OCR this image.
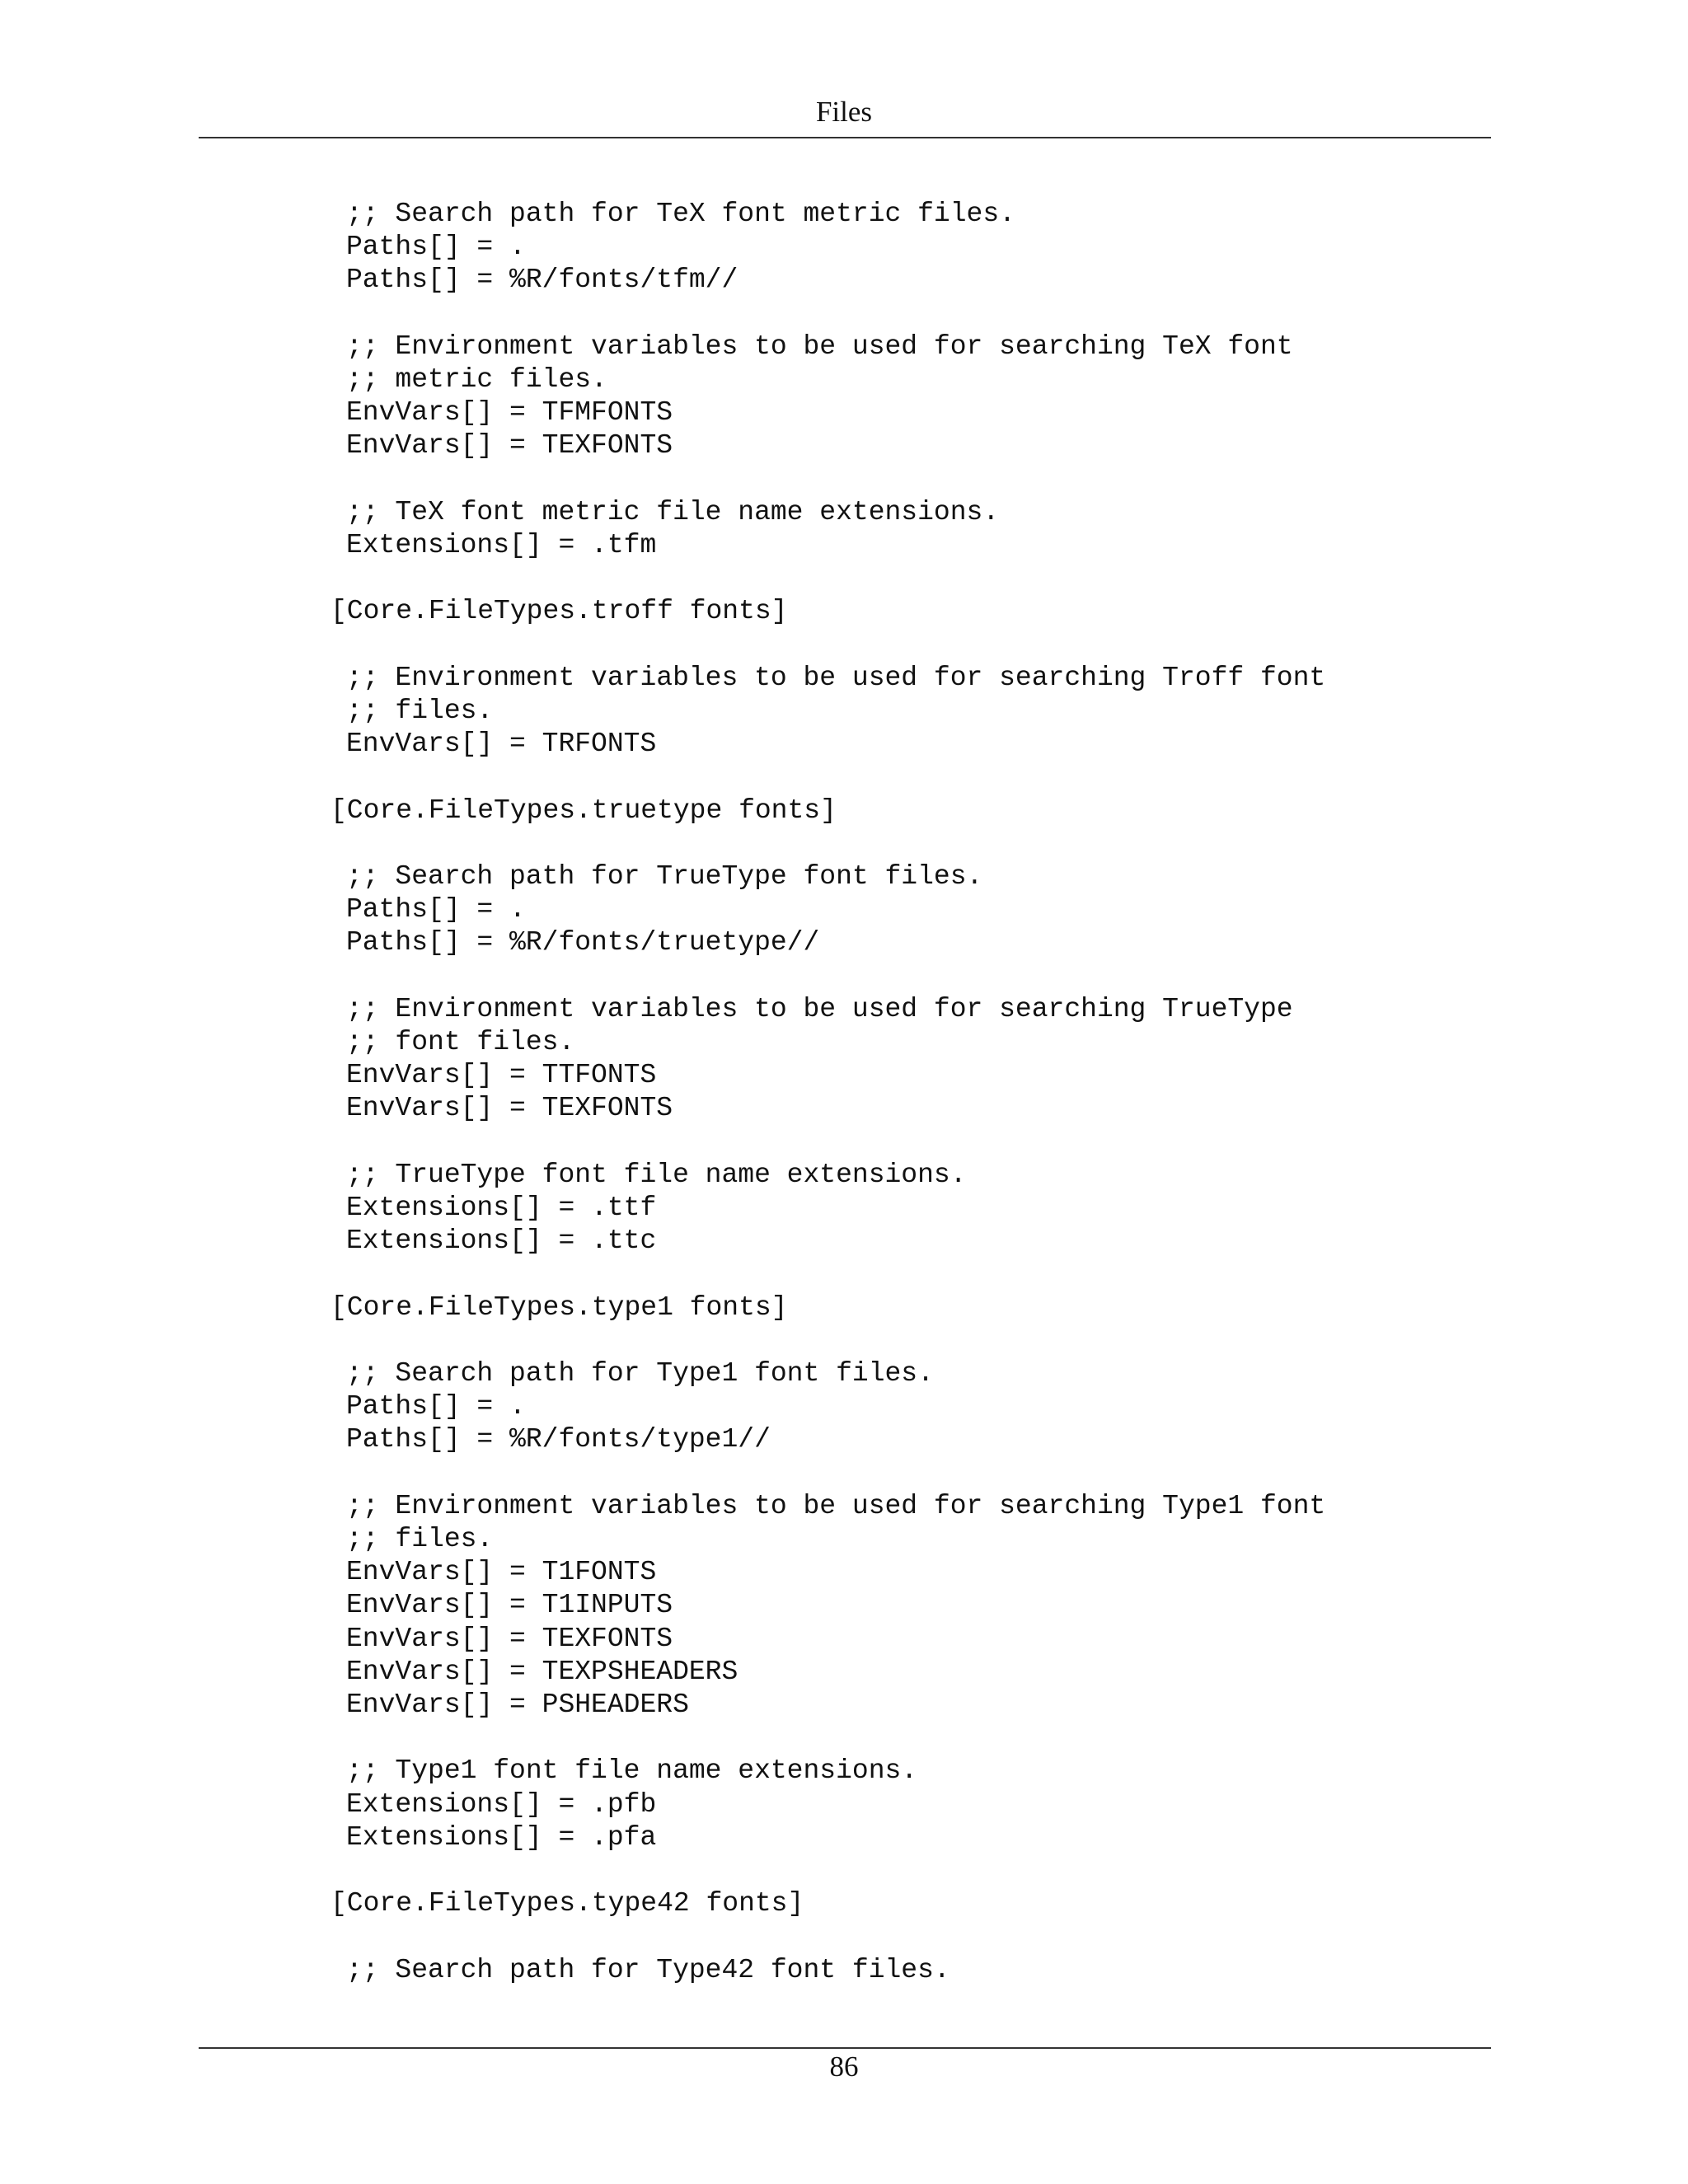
Files
;; Search path for TeX font metric files.
Paths[] = .
Paths[] = %R/fonts/tfm//
;; Environment variables to be used for searching TeX font
;; metric files.
EnvVars[] = TFMFONTS
EnvVars[] = TEXFONTS
;; TeX font metric file name extensions.
Extensions[] = .tfm
[Core.FileTypes.troff fonts]
;; Environment variables to be used for searching Troff font
;; files.
EnvVars[] = TRFONTS
[Core.FileTypes.truetype fonts]
;; Search path for TrueType font files.
Paths[] = .
Paths[] = %R/fonts/truetype//
;; Environment variables to be used for searching TrueType
;; font files.
EnvVars[] = TTFONTS
EnvVars[] = TEXFONTS
;; TrueType font file name extensions.
Extensions[] = .ttf
Extensions[] = .ttc
[Core.FileTypes.type1 fonts]
;; Search path for Type1 font files.
Paths[] = .
Paths[] = %R/fonts/type1//
;; Environment variables to be used for searching Type1 font
;; files.
EnvVars[] = T1FONTS
EnvVars[] = T1INPUTS
EnvVars[] = TEXFONTS
EnvVars[] = TEXPSHEADERS
EnvVars[] = PSHEADERS
;; Type1 font file name extensions.
Extensions[] = .pfb
Extensions[] = .pfa
[Core.FileTypes.type42 fonts]
;; Search path for Type42 font files.
86
